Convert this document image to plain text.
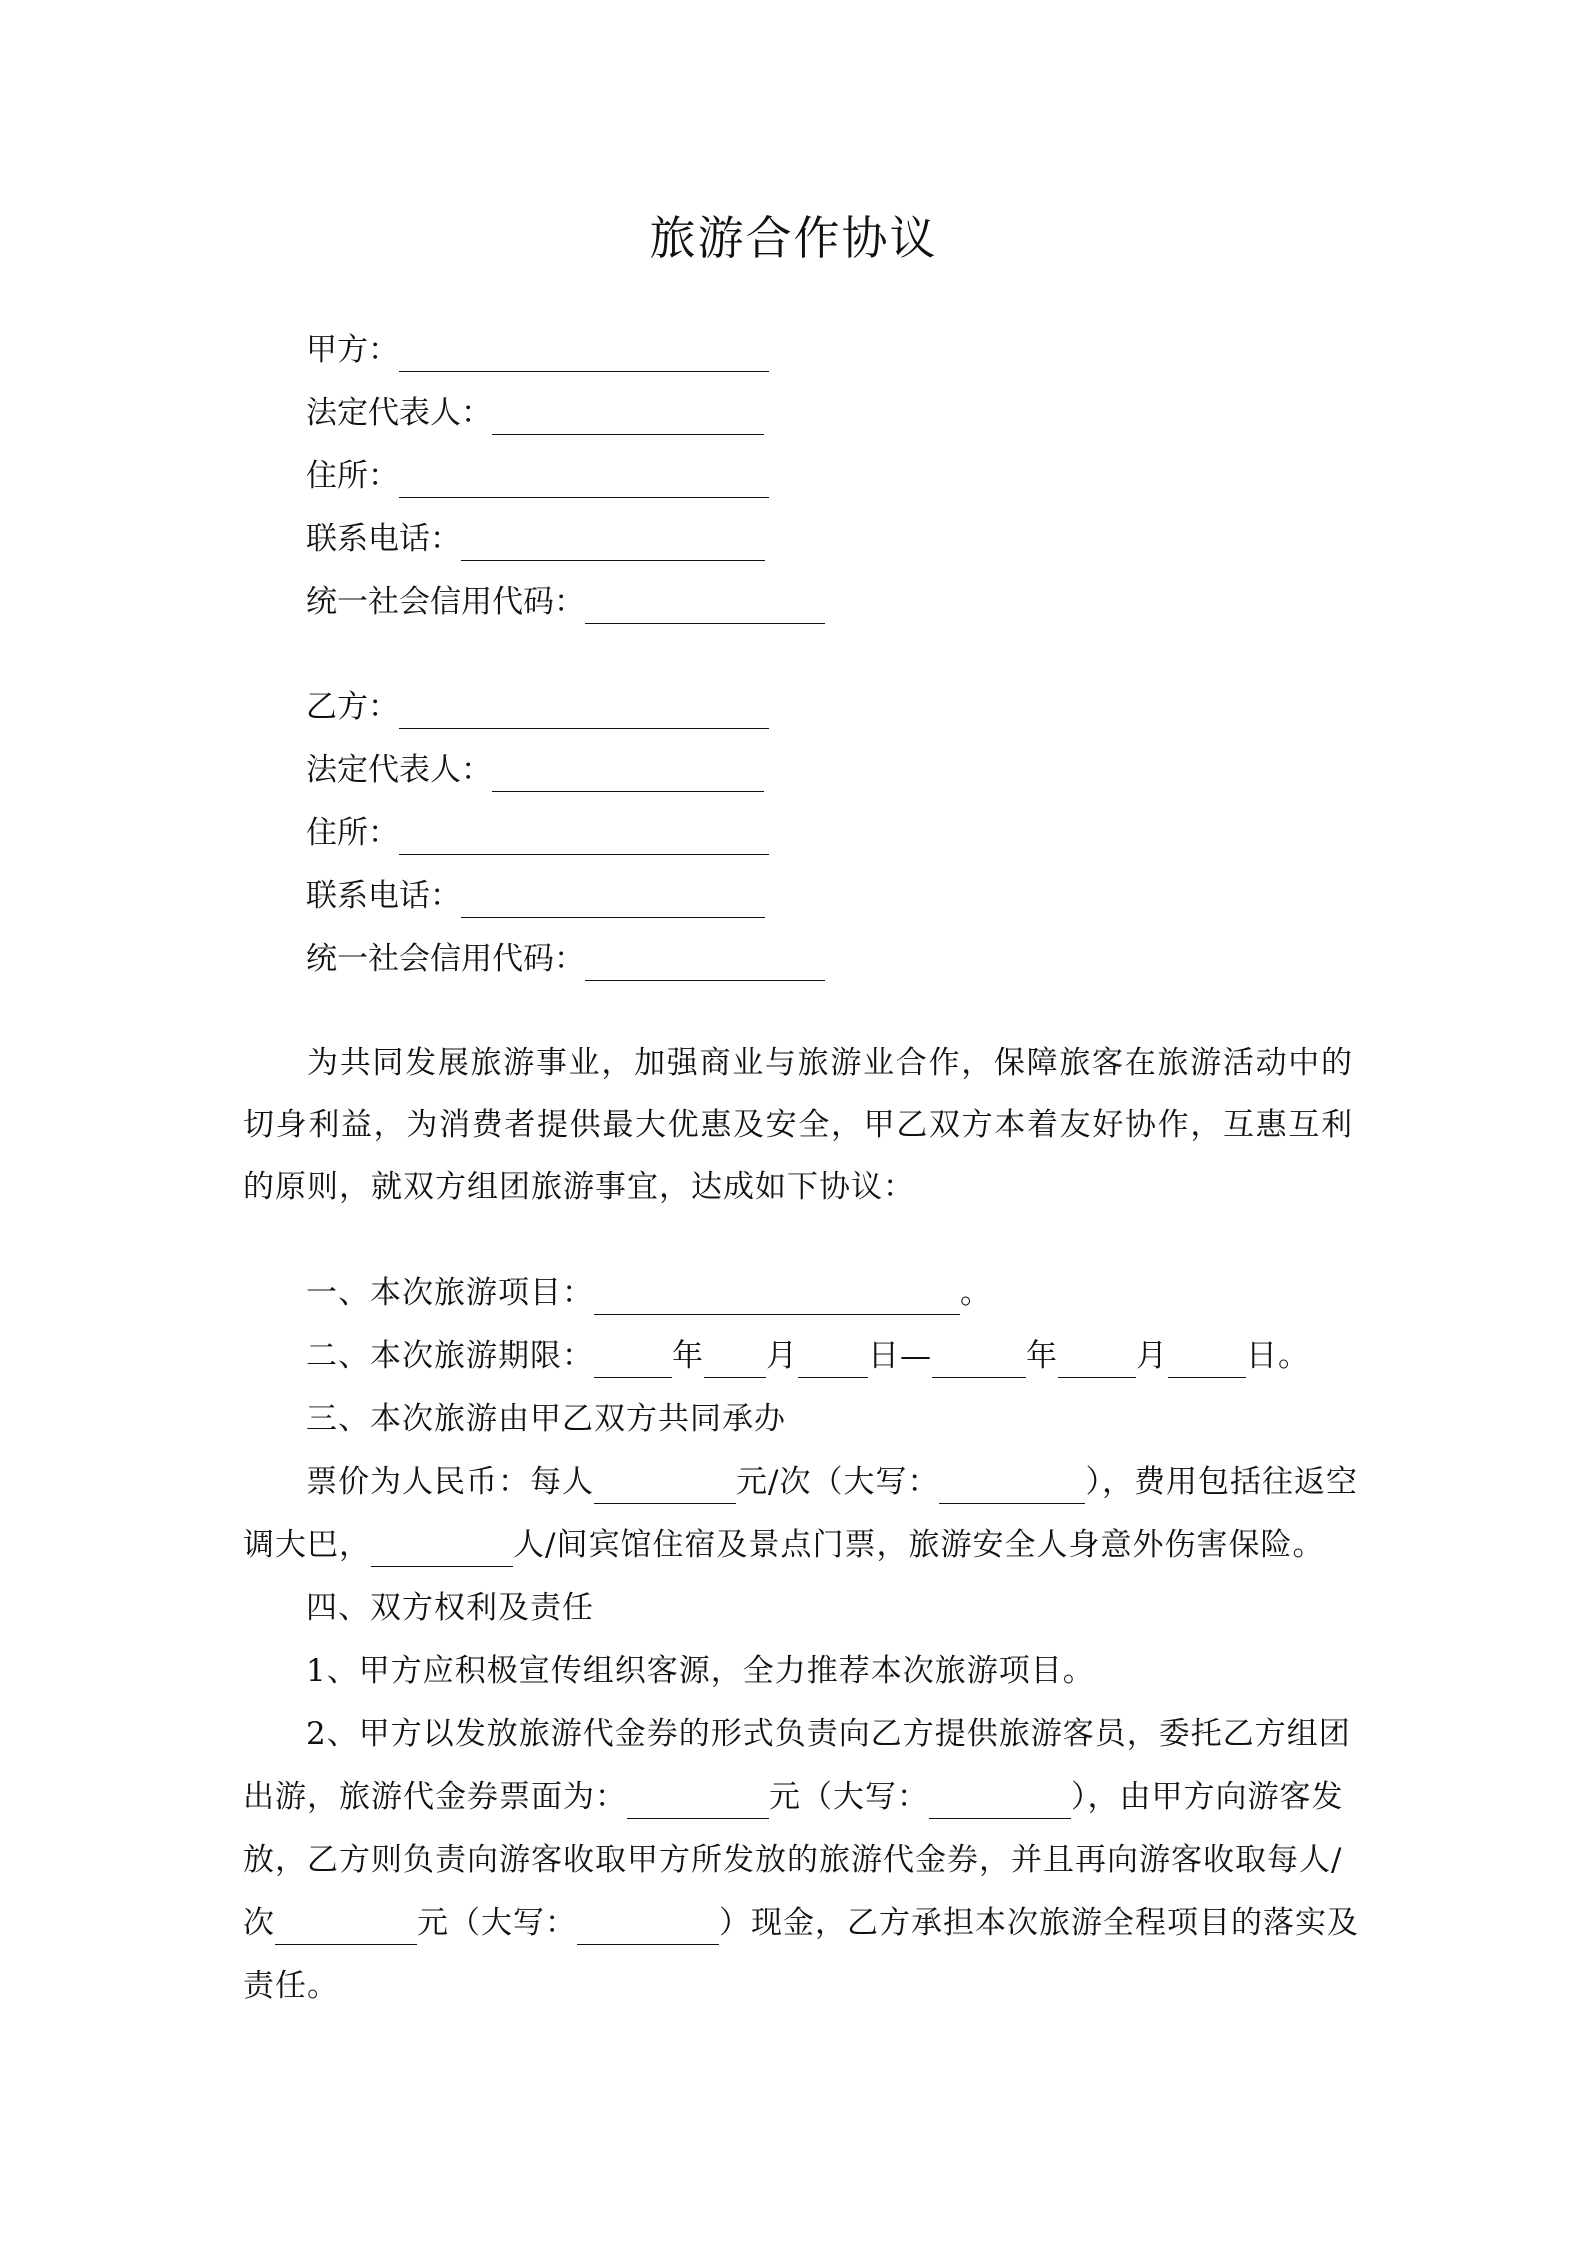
旅游合作协议
甲方：
法定代表人：
住所：
联系电话：
统一社会信用代码：
乙方：
法定代表人：
住所：
联系电话：
统一社会信用代码：
为共同发展旅游事业，加强商业与旅游业合作，保障旅客在旅游活动中的切身利益，为消费者提供最大优惠及安全，甲乙双方本着友好协作，互惠互利的原则，就双方组团旅游事宜，达成如下协议：
一、本次旅游项目：	。
二、本次旅游期限：	年 月 日—	年	月	日。
三、本次旅游由甲乙双方共同承办
票价为人民币：每人	元/次（大写：	），费用包括往返空
调大巴，	人/间宾馆住宿及景点门票，旅游安全人身意外伤害保险。
四、双方权利及责任
1、甲方应积极宣传组织客源，全力推荐本次旅游项目。
2、甲方以发放旅游代金券的形式负责向乙方提供旅游客员，委托乙方组团
出游，旅游代金券票面为：	元（大写：	），由甲方向游客发
放，乙方则负责向游客收取甲方所发放的旅游代金券，并且再向游客收取每人/
次	元（大写：	）现金，乙方承担本次旅游全程项目的落实及
责任。
